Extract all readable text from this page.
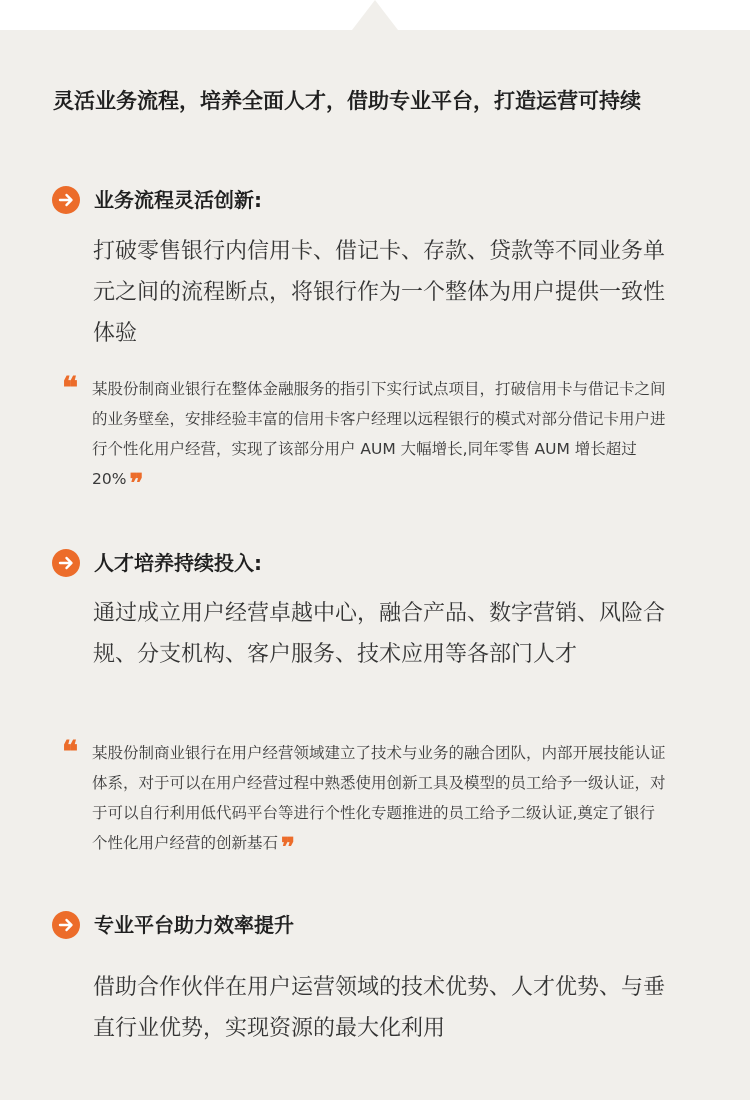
灵活业务流程，培养全面人才，借助专业平台，打造运营可持续
业务流程灵活创新:

打破零售银行内信用卡、借记卡、存款、贷款等不同业务单元之间的流程断点，将银行作为一个整体为用户提供一致性体验

❝ 某股份制商业银行在整体金融服务的指引下实行试点项目，打破信用卡与借记卡之间的业务壁垒，安排经验丰富的信用卡客户经理以远程银行的模式对部分借记卡用户进行个性化用户经营，实现了该部分用户 AUM 大幅增长,同年零售 AUM 增长超过 20% ❞
人才培养持续投入:

通过成立用户经营卓越中心，融合产品、数字营销、风险合规、分支机构、客户服务、技术应用等各部门人才

❝ 某股份制商业银行在用户经营领域建立了技术与业务的融合团队，内部开展技能认证体系，对于可以在用户经营过程中熟悉使用创新工具及模型的员工给予一级认证，对于可以自行利用低代码平台等进行个性化专题推进的员工给予二级认证,奠定了银行个性化用户经营的创新基石 ❞
专业平台助力效率提升

借助合作伙伴在用户运营领域的技术优势、人才优势、与垂直行业优势，实现资源的最大化利用
